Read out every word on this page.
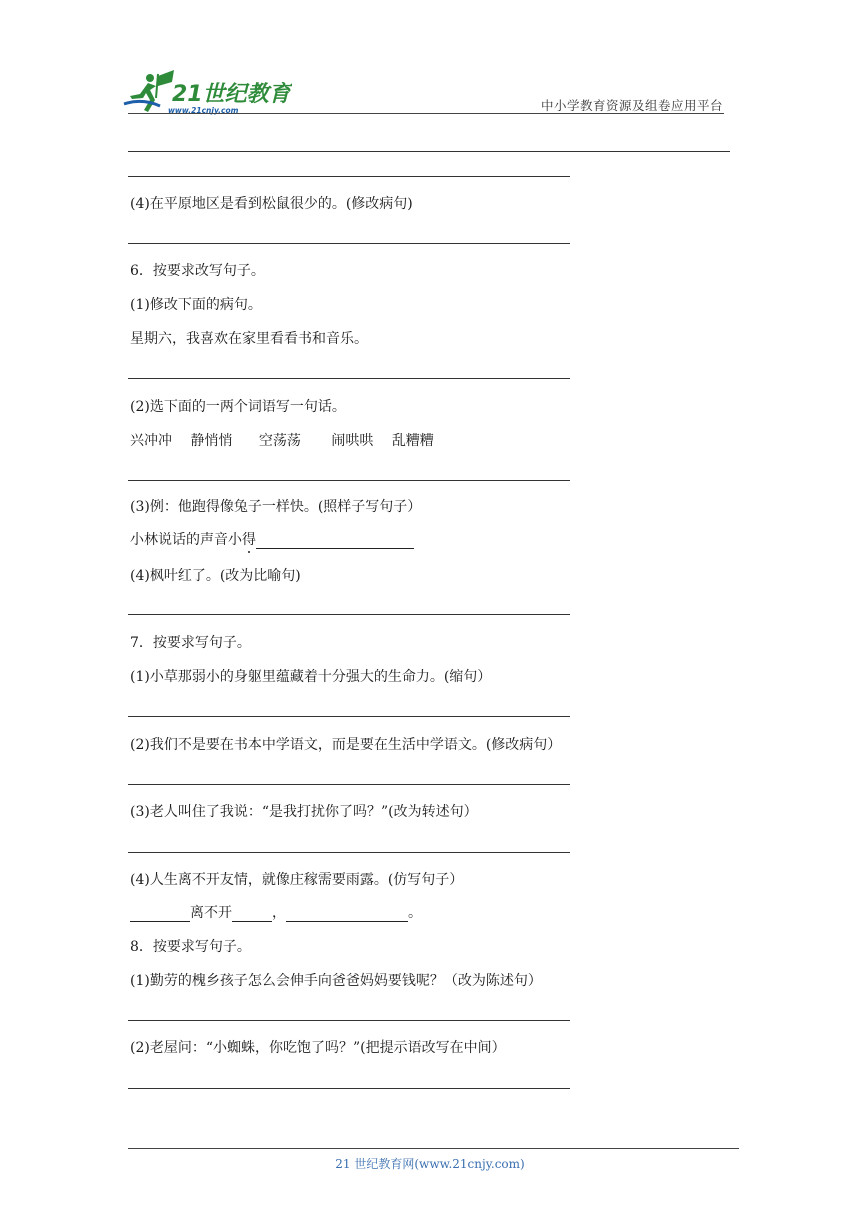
21世纪教育
www.21cnjy.com	中小学教育资源及组卷应用平台
(4)在平原地区是看到松鼠很少的。(修改病句)
6．按要求改写句子。
(1)修改下面的病句。
星期六，我喜欢在家里看看书和音乐。
(2)选下面的一两个词语写一句话。
兴冲冲 静悄悄 空荡荡 闹哄哄 乱糟糟
(3)例：他跑得像兔子一样快。(照样子写句子）
小林说话的声音小得
(4)枫叶红了。(改为比喻句)
7．按要求写句子。
(1)小草那弱小的身躯里蕴藏着十分强大的生命力。(缩句）
(2)我们不是要在书本中学语文，而是要在生活中学语文。(修改病句）
(3)老人叫住了我说：“是我打扰你了吗？”(改为转述句）
(4)人生离不开友情，就像庄稼需要雨露。(仿写句子）
离不开	，	。
8．按要求写句子。
(1)勤劳的槐乡孩子怎么会伸手向爸爸妈妈要钱呢？（改为陈述句）
(2)老屋问：“小蜘蛛，你吃饱了吗？”(把提示语改写在中间）
21 世纪教育网(www.21cnjy.com)
